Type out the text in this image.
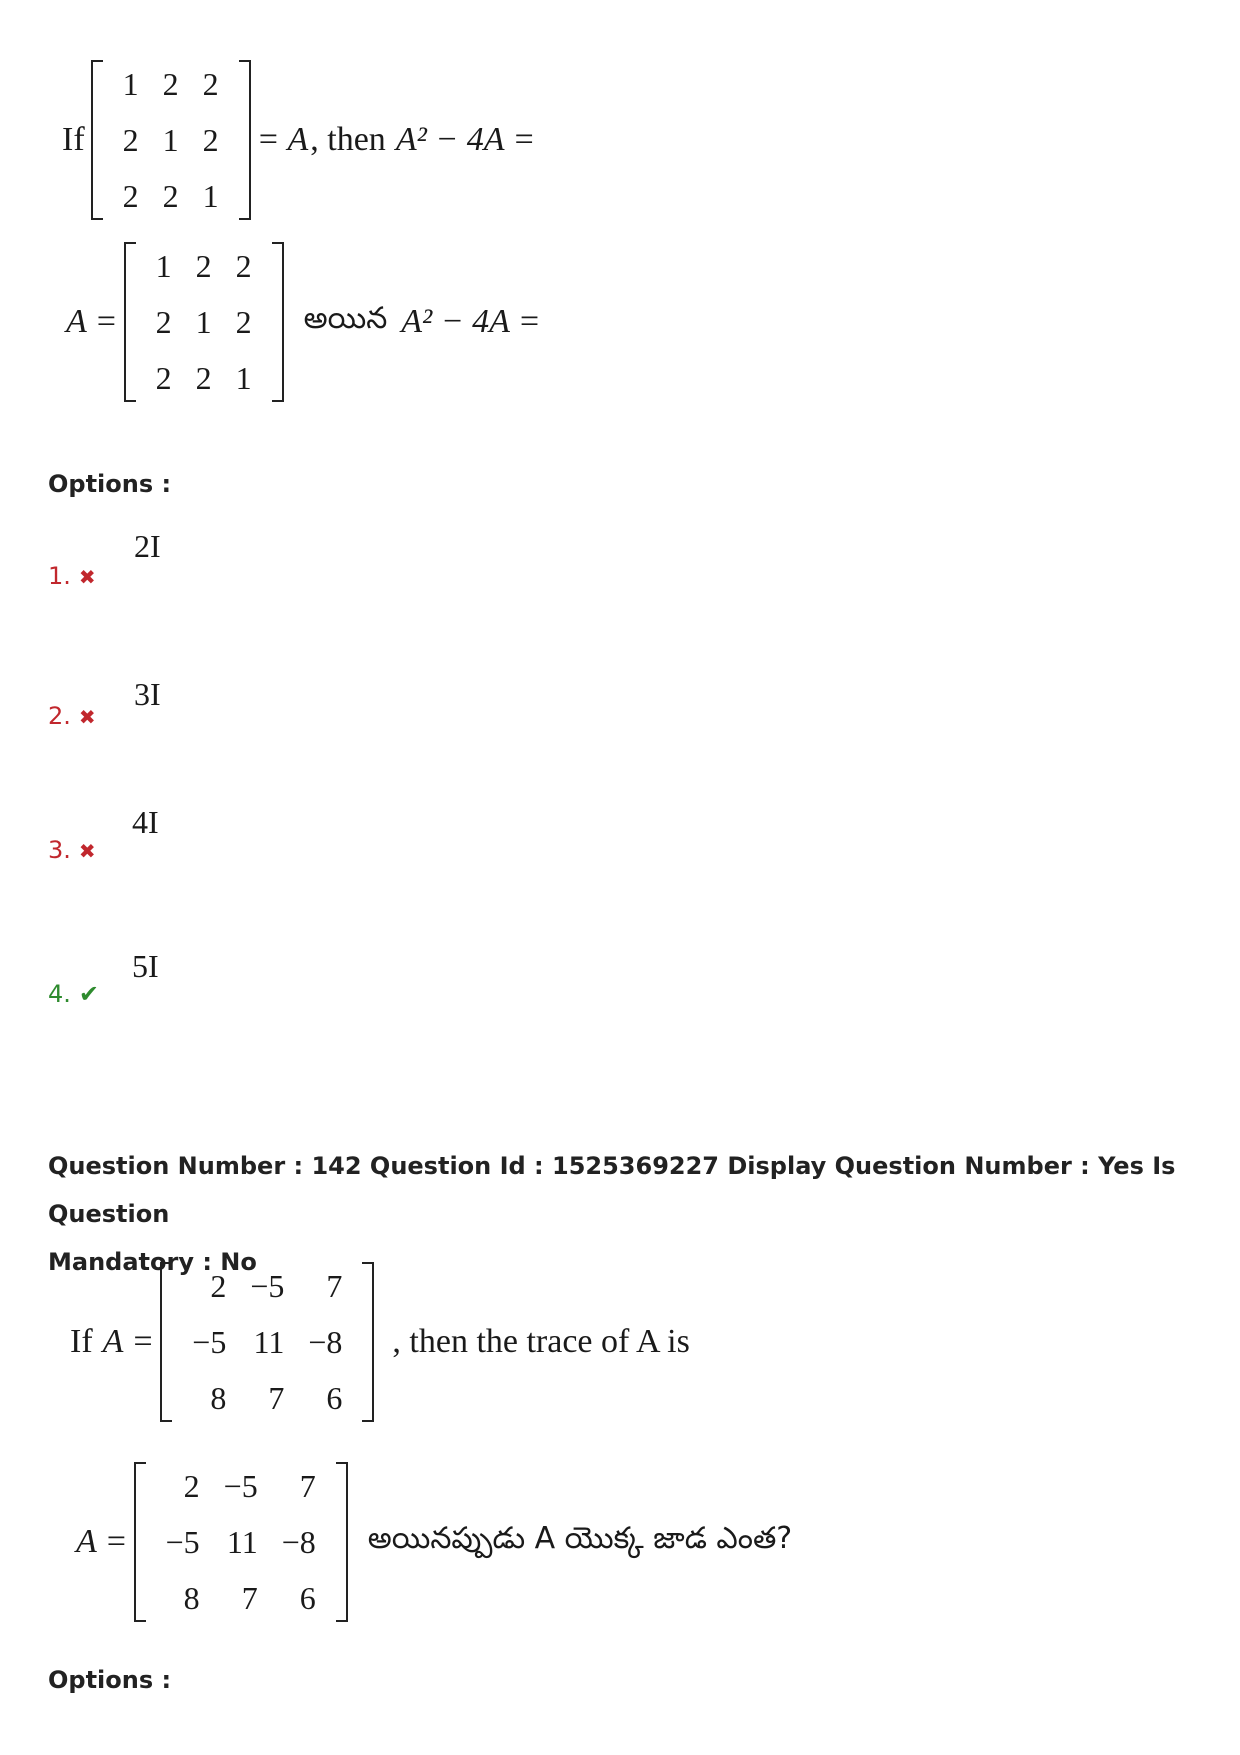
If
1 2 2
2 1 2
2 2 1
= A , then A² − 4A =
A =
1 2 2
2 1 2
2 2 1
అయిన A² − 4A =
Options :
2I
1. ✖
3I
2. ✖
4I
3. ✖
5I
4. ✔
Question Number : 142 Question Id : 1525369227 Display Question Number : Yes Is Question
Mandatory : No
If A =
2 −5	7
−5 11 −8
8	7	6
, then the trace of A is
A =
2 −5	7
−5 11 −8
8	7	6
అయినప్పుడు A యొక్క జాడ ఎంత?
Options :
